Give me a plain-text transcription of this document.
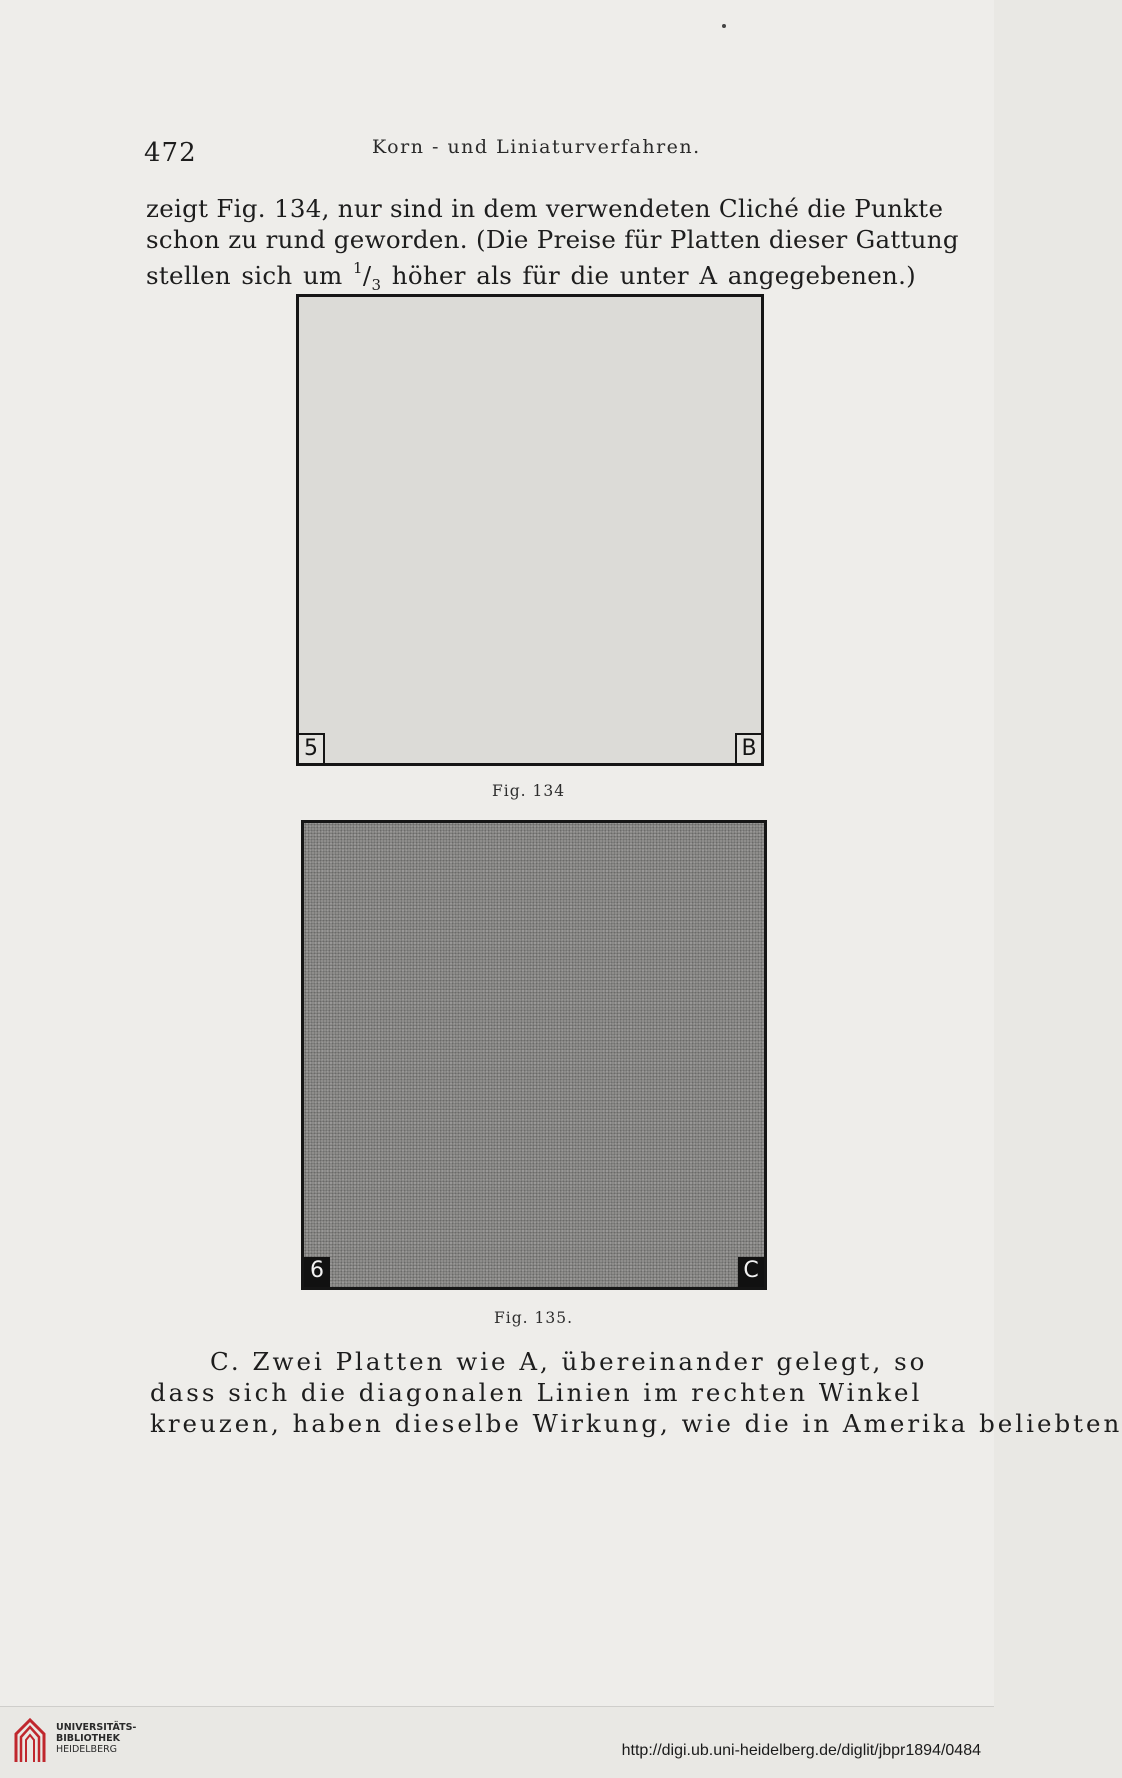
472	Korn - und Liniaturverfahren.
zeigt Fig. 134, nur sind in dem verwendeten Cliché die Punkte
schon zu rund geworden. (Die Preise für Platten dieser Gattung
stellen sich um $^1/_3$ höher als für die unter A angegebenen.)
5	B
Fig. 134
6	C
Fig. 135.
C. Zwei Platten wie A, übereinander gelegt, so
dass sich die diagonalen Linien im rechten Winkel
kreuzen, haben dieselbe Wirkung, wie die in Amerika beliebten
UNIVERSITÄTS-
BIBLIOTHEK
HEIDELBERG	http://digi.ub.uni-heidelberg.de/diglit/jbpr1894/0484
